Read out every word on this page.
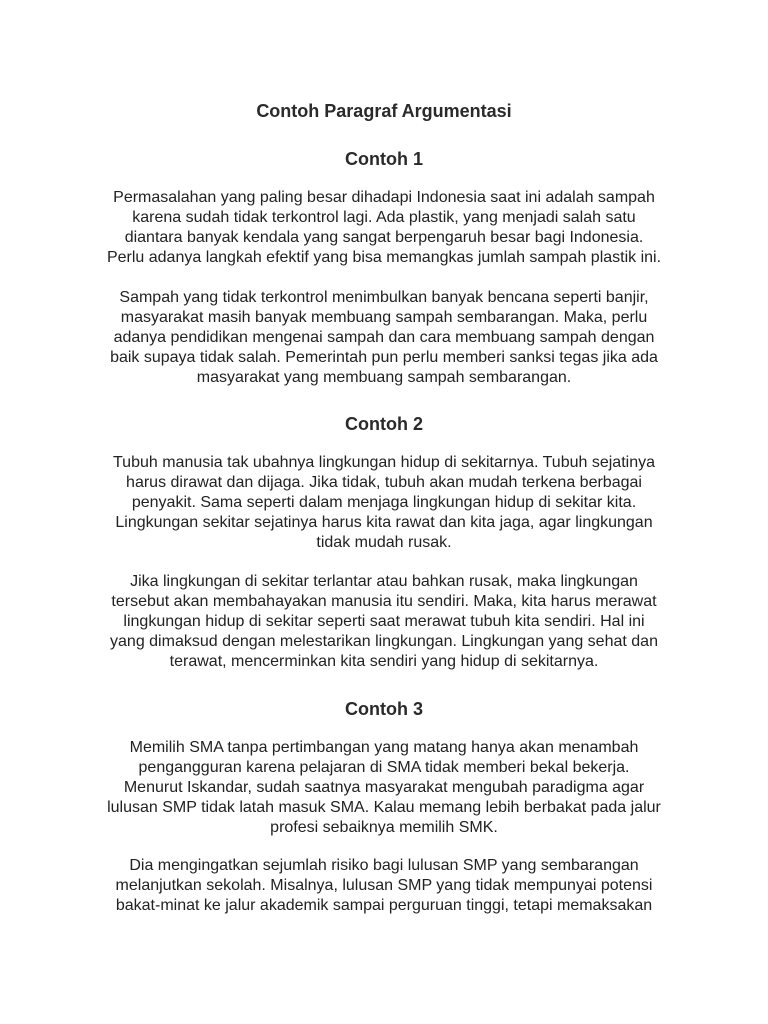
Contoh Paragraf Argumentasi
Contoh 1
Permasalahan yang paling besar dihadapi Indonesia saat ini adalah sampah
karena sudah tidak terkontrol lagi. Ada plastik, yang menjadi salah satu
diantara banyak kendala yang sangat berpengaruh besar bagi Indonesia.
Perlu adanya langkah efektif yang bisa memangkas jumlah sampah plastik ini.
Sampah yang tidak terkontrol menimbulkan banyak bencana seperti banjir,
masyarakat masih banyak membuang sampah sembarangan. Maka, perlu
adanya pendidikan mengenai sampah dan cara membuang sampah dengan
baik supaya tidak salah. Pemerintah pun perlu memberi sanksi tegas jika ada
masyarakat yang membuang sampah sembarangan.
Contoh 2
Tubuh manusia tak ubahnya lingkungan hidup di sekitarnya. Tubuh sejatinya
harus dirawat dan dijaga. Jika tidak, tubuh akan mudah terkena berbagai
penyakit. Sama seperti dalam menjaga lingkungan hidup di sekitar kita.
Lingkungan sekitar sejatinya harus kita rawat dan kita jaga, agar lingkungan
tidak mudah rusak.
Jika lingkungan di sekitar terlantar atau bahkan rusak, maka lingkungan
tersebut akan membahayakan manusia itu sendiri. Maka, kita harus merawat
lingkungan hidup di sekitar seperti saat merawat tubuh kita sendiri. Hal ini
yang dimaksud dengan melestarikan lingkungan. Lingkungan yang sehat dan
terawat, mencerminkan kita sendiri yang hidup di sekitarnya.
Contoh 3
Memilih SMA tanpa pertimbangan yang matang hanya akan menambah
pengangguran karena pelajaran di SMA tidak memberi bekal bekerja.
Menurut Iskandar, sudah saatnya masyarakat mengubah paradigma agar
lulusan SMP tidak latah masuk SMA. Kalau memang lebih berbakat pada jalur
profesi sebaiknya memilih SMK.
Dia mengingatkan sejumlah risiko bagi lulusan SMP yang sembarangan
melanjutkan sekolah. Misalnya, lulusan SMP yang tidak mempunyai potensi
bakat-minat ke jalur akademik sampai perguruan tinggi, tetapi memaksakan
